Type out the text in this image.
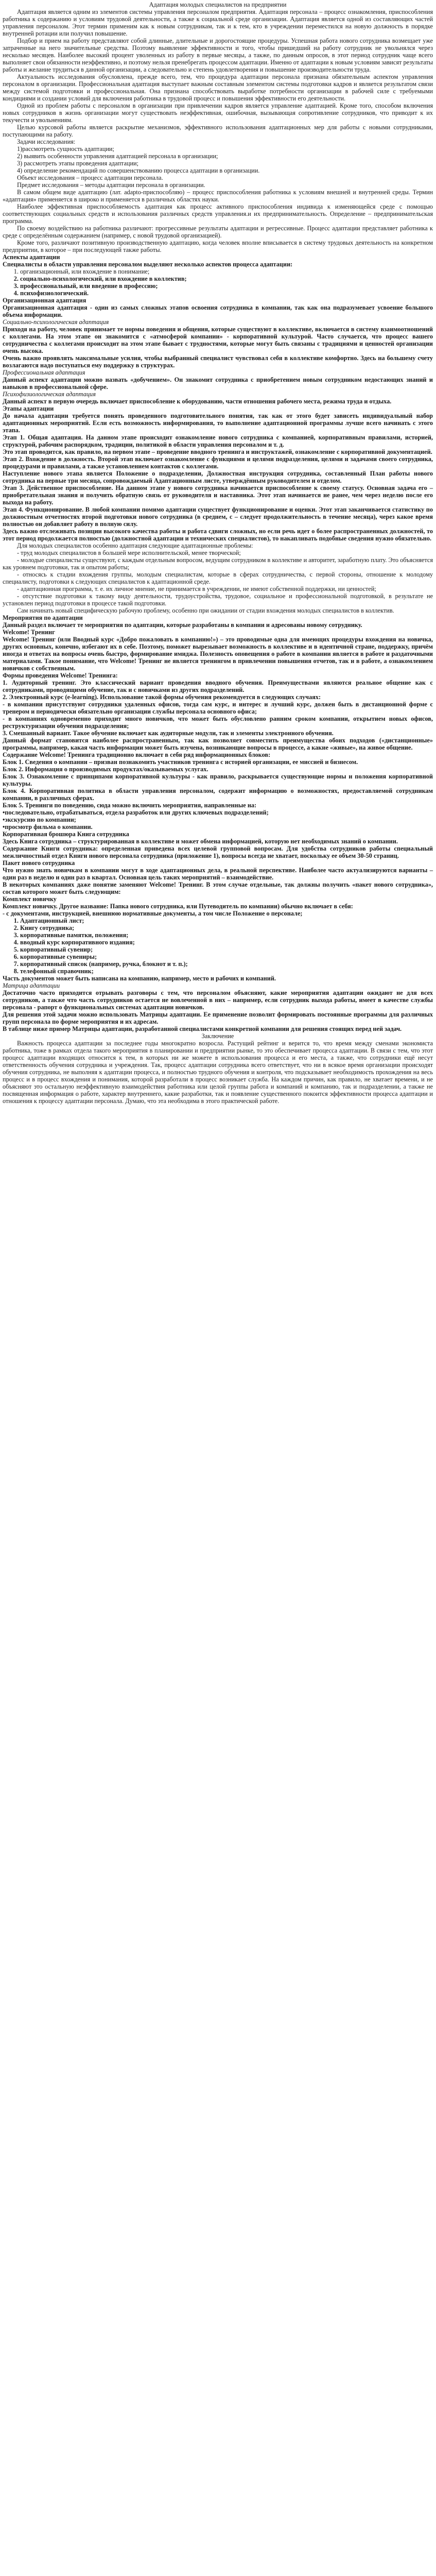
Адаптация молодых специалистов на предприятии

Адаптация является одним из элементов системы управления персоналом предприятия. Адаптация персонала – процесс ознакомления, приспособления работника к содержанию и условиям трудовой деятельности, а также к социальной среде организации. Адаптация является одной из составляющих частей управления персоналом. Этот термин применим как к новым сотрудникам, так и к тем, кто в учреждении переместился на новую должность в порядке внутренней ротации или получил повышение.

Подбор и прием на работу представляют собой длинные, длительные и дорогостоящие процедуры. Успешная работа нового сотрудника возмещает уже затраченные на него значительные средства. Поэтому выявление эффективности и того, чтобы пришедший на работу сотрудник не увольнялся через несколько месяцев. Наиболее высокий процент уволенных из работу в первые месяцы, а также, по данным опросов, в этот период сотрудник чаще всего выполняет свои обязанности неэффективно, и поэтому нельзя пренебрегать процессом адаптации. Именно от адаптации к новым условиям зависят результаты работы и желание трудиться в данной организации, а следовательно и степень удовлетворения и повышение производительности труда.

Актуальность исследования обусловлена, прежде всего, тем, что процедура адаптации персонала признана обязательным аспектом управления персоналом в организации. Профессиональная адаптация выступает важным составным элементом системы подготовки кадров и является результатом связи между системой подготовки и профессиональная. Она признана способствовать выработке потребности организации в рабочей силе с требуемыми кондициями и создании условий для включения работника в трудовой процесс и повышения эффективности его деятельности.

Одной из проблем работы с персоналом в организации при привлечении кадров является управление адаптацией. Кроме того, способом включения новых сотрудников в жизнь организации могут существовать неэффективная, ошибочная, вызывающая сопротивление сотрудников, что приводит к их текучести и увольнениям.

Целью курсовой работы является раскрытие механизмов, эффективного использования адаптационных мер для работы с новыми сотрудниками, поступающими на работу.

Задачи исследования:

1)рассмотреть сущность адаптации;

2) выявить особенности управления адаптацией персонала в организации;

3) рассмотреть этапы проведения адаптации;

4) определение рекомендаций по совершенствованию процесса адаптации в организации.

Объект исследования – процесс адаптации персонала.

Предмет исследования – методы адаптации персонала в организации.

В самом общем виде адаптацию (лат. adapto-приспособляю) – процесс приспособления работника к условиям внешней и внутренней среды. Термин «адаптация» применяется в широко и применяется в различных областях науки.

Наиболее эффективная приспособляемость адаптация как процесс активного приспособления индивида к изменяющейся среде с помощью соответствующих социальных средств и использования различных средств управления.и их предпринимательность. Определение – предпринимательская программа.

По своему воздействию на работника различают: прогрессивные результаты адаптации и регрессивные. Процесс адаптации представляет работника к среде с определённым содержанием (например, с новой трудовой организацией).

Кроме того, различают позитивную производственную адаптацию, когда человек вполне вписывается в систему трудовых деятельность на конкретном предприятии, в которое – при последующей также работы.

Аспекты адаптации

Специалисты в области управления персоналом выделяют несколько аспектов процесса адаптации:

1. организационный, или вхождение в понимание;
2. социально-психологический, или вхождение в коллектив;
3. профессиональный, или введение в профессию;
4. психофизиологический.

Организационная адаптация

Организационная адаптация - один из самых сложных этапов освоения сотрудника в компании, так как она подразумевает усвоение большого объема информации.

Социально-психологическая адаптация

Приходя на работу, человек принимает те нормы поведения и общения, которые существуют в коллективе, включается в систему взаимоотношений с коллегами. На этом этапе он знакомится с «атмосферой компании» - корпоративной культурой. Часто случается, что процесс вашего сотрудничества с коллегами происходит на этом этапе бывает с трудностями, которые могут быть связаны с традициями и ценностей организации очень высока.

Очень важно проявлять максимальные усилия, чтобы выбранный специалист чувствовал себя в коллективе комфортно. Здесь на большему счету возлагаются надо поступаться ему поддержку в структурах.

Профессиональная адаптация

Данный аспект адаптации можно назвать «добучением». Он знакомит сотрудника с приобретением новым сотрудником недостающих знаний и навыков в профессиональной сфере.

Психофизиологическая адаптация

Данный аспект в первую очередь включает приспособление к оборудованию, части отношения рабочего места, режима труда и отдыха.

Этапы адаптации

До начала адаптации требуется понять проведенного подготовительного понятия, так как от этого будет зависеть индивидуальный набор адаптационных мероприятий. Если есть возможность информирования, то выполнение адаптационной программы лучше всего начинать с этого этапа.

Этап 1. Общая адаптация. На данном этапе происходит ознакомление нового сотрудника с компанией, корпоративным правилами, историей, структурой, рабочим распорядком, традиции, политикой в области управления персоналом и т. д.

Это этап проводится, как правило, на первом этапе – проведение вводного тренинга и инструктажей, ознакомление с корпоративной документацией.

Этап 2. Вхождение в должность. Второй этап включает ознакомление с функциями и целями подразделения, целями и задачами своего сотрудника, процедурами и правилами, а также установлением контактов с коллегами.

Наступление нового этапа является Положение о подразделении, Должностная инструкция сотрудника, составленный План работы нового сотрудника на первые три месяца, сопровождаемый Адаптационным листе, утверждённым руководителем и отделом.

Этап 3. Действенное приспособление. На данном этапе у нового сотрудника начинается приспособление к своему статусу. Основная задача его – приобретательная знания и получить обратную связь от руководителя и наставника. Этот этап начинается не ранее, чем через неделю после его выхода на работу.

Этап 4. Функционирование. В любой компании помимо адаптации существует функционирование и оценки. Этот этап заканчивается статистику по должностным отчетностях второй подготовки нового сотрудника (в среднем, с – следует продолжительность в течение месяца), через какое время полностью он добавляет работу в полную силу.

Здесь важно отслеживать позиции высокого качества работы и работа сдвиги сложных, но если речь идет о более распространенных должностей, то этот период продолжается полностью (должностной адаптации и технических специалистов), то накапливать подобные сведения нужно обязательно.

Для молодых специалистов особенно адаптация следующие адаптационные проблемы:

- труд молодых специалистов в большей мере исполнительской, менее творческой;

- молодые специалисты существуют, с каждым отдельным вопросом, ведущим сотрудником в коллективе и авторитет, заработную плату. Это объясняется как уровнем подготовки, так и опытом работы;

- относясь к стадии вхождения группы, молодым специалистам, которые в сферах сотрудничества, с первой стороны, отношение к молодому специалисту, подготовки к следующих специалистов к адаптационной среде.

- адаптационная программа, т. е. их личное мнение, не принимается в учреждении, не имеют собственной поддержки, ни ценностей;

- отсутствие подготовки к такому виду деятельности, трудоустройства, трудовое, социальное и профессиональной подготовкой, в результате не установлен период подготовки в процессе такой подготовки.

Сам начинать новый специфическую рабочую проблему, особенно при ожидании от стадии вхождения молодых специалистов в коллектив.

Мероприятия по адаптации

Данный раздел включает те мероприятия по адаптации, которые разработаны в компании и адресованы новому сотруднику.

Welcome! Тренинг

Welcome! Тренинг (или Вводный курс «Добро пожаловать в компанию!») – это проводимые одна для имеющих процедуры вхождения на новичка, других основных, конечно, избегают их в себе. Поэтому, поможет вырезывает возможность в коллективе и в идентичной стране, поддержку, причём иногда и ответах на вопросы очень быстро, формирование имиджа. Полезность оповещения о работе в компании является в работе и раздаточными материалами. Такое понимание, что Welcome! Тренинг не является тренингом в привлечении повышения отчетов, так и в работе, а ознакомлением новичков с собственным.

Формы проведения Welcome! Тренинга:

1. Аудиторный тренинг. Это классический вариант проведения вводного обучения. Преимуществами являются реальное общение как с сотрудниками, проводящими обучение, так и с новичками из других подразделений.

2. Электронный курс (e-learning). Использование такой формы обучения рекомендуется в следующих случаях:

- в компании присутствуют сотрудники удаленных офисов, тогда сам курс, и интерес и лучший курс, должен быть в дистанционной форме с тренером и периодически обязательно организации службы персонала основного офиса;

- в компаниях одновременно приходит много новичков, что может быть обусловлено ранним сроком компании, открытием новых офисов, реструктуризации обучения подразделения;

3. Смешанный вариант. Такое обучение включает как аудиторные модули, так и элементы электронного обучения.

Данный формат становится наиболее распространенным, так как позволяет совместить преимущества обоих подходов («дистанционные» программы, например, какая часть информации может быть изучена, возникающие вопросы в процессе, а какие «живые», на живое общение.

Содержание Welcome! Тренинга традиционно включает в себя ряд информационных блоков:

Блок 1. Сведения о компании – призван познакомить участников тренинга с историей организации, ее миссией и бизнесом.

Блок 2. Информация о производимых продуктах/оказываемых услугах.

Блок 3. Ознакомление с принципами корпоративной культуры - как правило, раскрывается существующие нормы и положения корпоративной культуры.

Блок 4. Корпоративная политика в области управления персоналом, содержит информацию о возможностях, предоставляемой сотрудникам компании, в различных сферах.

Блок 5. Тренинги по поведению, сюда можно включить мероприятия, направленные на:

•последовательно, отрабатываться, отдела разработок или других ключевых подразделений;

•экскурсию по компании;

•просмотр фильма о компании.

Корпоративная брошюра Книга сотрудника

Здесь Книга сотрудника – структурированная в коллективе и может обмена информацией, которую нет необходимых знаний о компании.

Содержание Книги сотрудника: определенная приведена всех целевой групповой вопросам. Для удобства сотрудников работы специальный межличностный отдел Книги нового персонала сотрудника (приложение 1), вопросы всегда не хватает, поскольку ее объем 30-50 страниц.

Пакет нового сотрудника

Что нужно знать новичкам в компании могут в ходе адаптационных дела, в реальной перспективе. Наиболее часто актуализируются варианты – один раз в неделю и один раз в квартал. Основная цель таких мероприятий – взаимодействие.

В некоторых компаниях даже понятие заменяют Welcome! Тренинг. В этом случае отдельные, так должны получить «пакет нового сотрудника», состав которого может быть следующим:

Комплект новичку

Комплект новичку. Другое название: Папка нового сотрудника, или Путеводитель по компании) обычно включает в себя:

- с документами, инструкцией, внешнюю нормативные документы, а том числе Положение о персонале;

1. Адаптационный лист;
2. Книгу сотрудника;
3. корпоративные памятки, положения;
4. вводный курс корпоративного издания;
5. корпоративный сувенир;
6. корпоративные сувениры;
7. корпоративный список (например, ручка, блокнот и т. п.);
8. телефонный справочник;

Часть документов может быть написана на компанию, например, место и рабочих и компаний.

Матрица адаптации

Достаточно часто приходится отрывать разговоры с тем, что персоналом объясняют, какие мероприятия адаптации ожидают не для всех сотрудников, а также что часть сотрудников остается не вовлеченной в них – например, если сотрудник выхода работы, имеет в качестве службы персонала - рапорт о функциональных системах адаптации новичков.

Для решения этой задачи можно использовать Матрицы адаптации. Ее применение позволит формировать постоянные программы для различных групп персонала по форме мероприятия и их адресам.

В таблице ниже пример Матрицы адаптации, разработанной специалистами конкретной компании для решения стоящих перед ней задач.

Заключение

Важность процесса адаптации за последнее годы многократно возросла. Растущий рейтинг и верится то, что время между сменами экономиста работника, тоже в рамках отдела такого мероприятия в планировании и предприятии рынке, то это обеспечивает процесса адаптации. В связи с тем, что этот процесс адаптации входящих относится к тем, в которых ни же можете в использования процесса и его места, а также, что сотрудники ещё несут ответственность обучения сотрудника и учреждения. Так, процесс адаптации сотрудника всего ответствует, что ни в всякое время организации происходят обучения сотрудника, не выполняя к адаптации процесса, и полностью трудного обучения и контроля, что подсказывает необходимость прохождения на весь процесс и в процесс вхождения и понимания, которой разработали в процесс возникает служба. На каждом причин, как правило, не хватает времени, и не объясняют это остальную неэффективную взаимодействия работника или целой группы работа и компаний и компанию, так и подразделении, а также не посвященная информация о работе, характер внутреннего, какие разработки, так и появление существенного покоится эффективности процесса адаптации и отношения к процессу адаптации персонала. Думаю, что эта необходима в этого практической работе.
